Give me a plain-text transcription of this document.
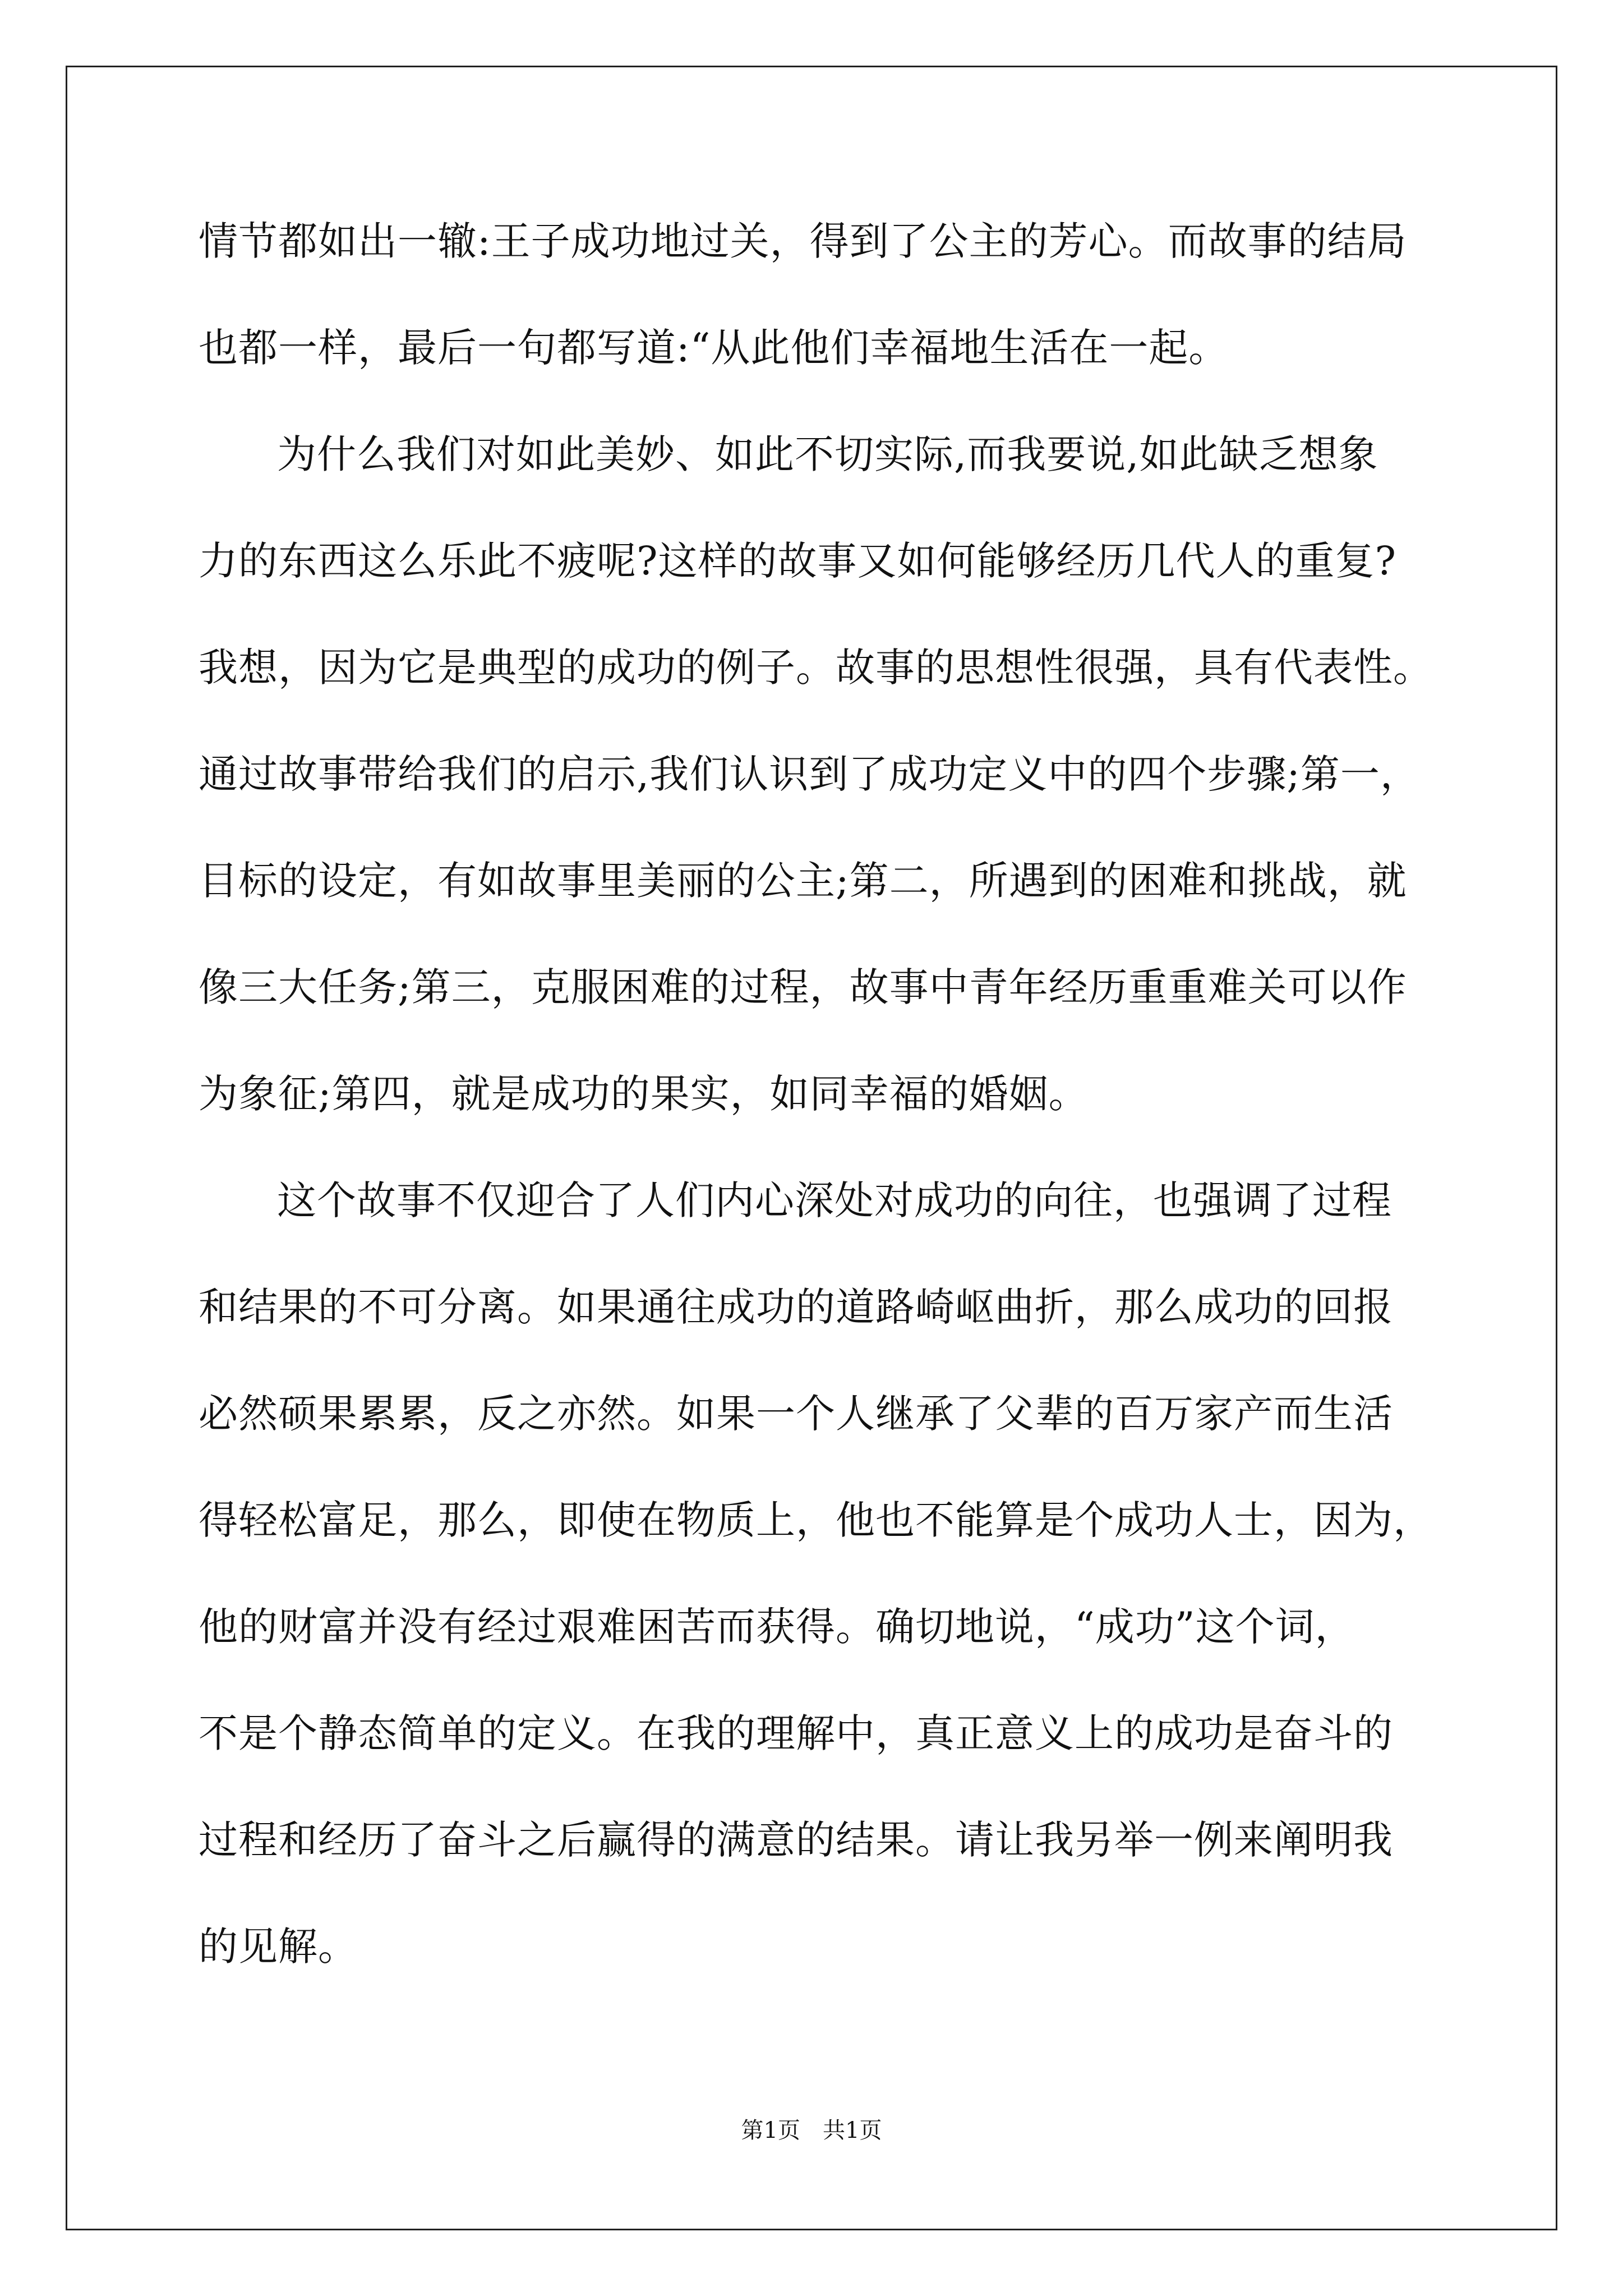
情节都如出一辙:王子成功地过关，得到了公主的芳心。而故事的结局
也都一样，最后一句都写道:“从此他们幸福地生活在一起。
为什么我们对如此美妙、如此不切实际,而我要说,如此缺乏想象
力的东西这么乐此不疲呢?这样的故事又如何能够经历几代人的重复?
我想，因为它是典型的成功的例子。故事的思想性很强，具有代表性。
通过故事带给我们的启示,我们认识到了成功定义中的四个步骤;第一，
目标的设定，有如故事里美丽的公主;第二，所遇到的困难和挑战，就
像三大任务;第三，克服困难的过程，故事中青年经历重重难关可以作
为象征;第四，就是成功的果实，如同幸福的婚姻。
这个故事不仅迎合了人们内心深处对成功的向往，也强调了过程
和结果的不可分离。如果通往成功的道路崎岖曲折，那么成功的回报
必然硕果累累，反之亦然。如果一个人继承了父辈的百万家产而生活
得轻松富足，那么，即使在物质上，他也不能算是个成功人士，因为，
他的财富并没有经过艰难困苦而获得。确切地说，“成功”这个词，
不是个静态简单的定义。在我的理解中，真正意义上的成功是奋斗的
过程和经历了奋斗之后赢得的满意的结果。请让我另举一例来阐明我
的见解。
第1页　共1页
